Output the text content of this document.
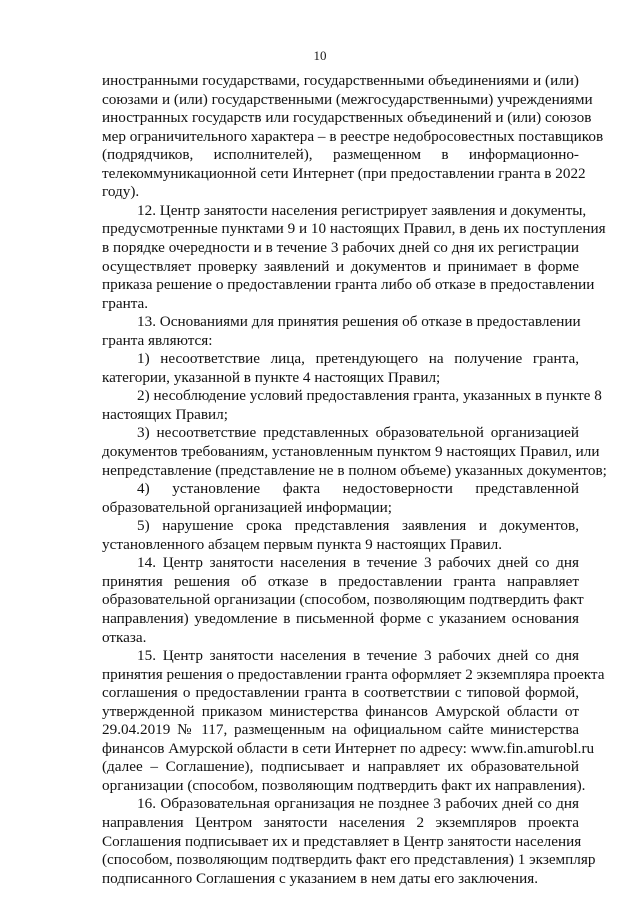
10
иностранными государствами, государственными объединениями и (или)
союзами и (или) государственными (межгосударственными) учреждениями
иностранных государств или государственных объединений и (или) союзов
мер ограничительного характера – в реестре недобросовестных поставщиков
(подрядчиков, исполнителей), размещенном в информационно-
телекоммуникационной сети Интернет (при предоставлении гранта в 2022
году).
12. Центр занятости населения регистрирует заявления и документы,
предусмотренные пунктами 9 и 10 настоящих Правил, в день их поступления
в порядке очередности и в течение 3 рабочих дней со дня их регистрации
осуществляет проверку заявлений и документов и принимает в форме
приказа решение о предоставлении гранта либо об отказе в предоставлении
гранта.
13. Основаниями для принятия решения об отказе в предоставлении
гранта являются:
1) несоответствие лица, претендующего на получение гранта,
категории, указанной в пункте 4 настоящих Правил;
2) несоблюдение условий предоставления гранта, указанных в пункте 8
настоящих Правил;
3) несоответствие представленных образовательной организацией
документов требованиям, установленным пунктом 9 настоящих Правил, или
непредставление (представление не в полном объеме) указанных документов;
4) установление факта недостоверности представленной
образовательной организацией информации;
5) нарушение срока представления заявления и документов,
установленного абзацем первым пункта 9 настоящих Правил.
14. Центр занятости населения в течение 3 рабочих дней со дня
принятия решения об отказе в предоставлении гранта направляет
образовательной организации (способом, позволяющим подтвердить факт
направления) уведомление в письменной форме с указанием основания
отказа.
15. Центр занятости населения в течение 3 рабочих дней со дня
принятия решения о предоставлении гранта оформляет 2 экземпляра проекта
соглашения о предоставлении гранта в соответствии с типовой формой,
утвержденной приказом министерства финансов Амурской области от
29.04.2019 № 117, размещенным на официальном сайте министерства
финансов Амурской области в сети Интернет по адресу: www.fin.amurobl.ru
(далее – Соглашение), подписывает и направляет их образовательной
организации (способом, позволяющим подтвердить факт их направления).
16. Образовательная организация не позднее 3 рабочих дней со дня
направления Центром занятости населения 2 экземпляров проекта
Соглашения подписывает их и представляет в Центр занятости населения
(способом, позволяющим подтвердить факт его представления) 1 экземпляр
подписанного Соглашения с указанием в нем даты его заключения.
